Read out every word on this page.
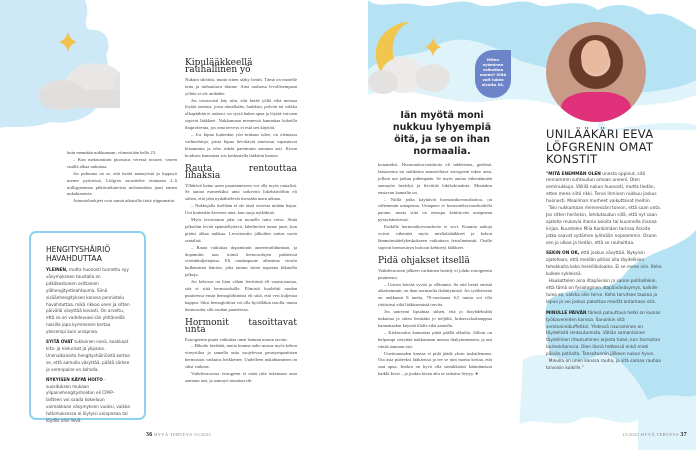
kuin mennään nukkumaan, viimeistään kello 23.

– Kun melatoniinin pitoisuus veressä nousee, varren sisällä alkaa nukuttaa.

Jos pulmana on se, että herää aamuyöstä ja loppuyö menee pyöriessä, Löfgren suosittelee ottamaan 2–6 milligrammaa pitkävaikutteista melatoniinia juuri ennen nukahtamista.

Annosteluohjeet ovat samat aikuisille iästä riippumatta.

HENGITYSHÄIRIÖ HAVAHDUTTAA
YLEINEN, mutta huonosti tunnettu syy väsymykseen taustalla on pitkäkestoinen osittainen ylähengitystieahtauma. Siinä sisäänhengityksen kanssa ponnistelu havahduttaa, mikä rikkoo unen ja sitten päivällä väsyttää kovasti. On arveltu, että se on vaihdevuosi-iän ylittäneillä naisilla jopa kymmenen kertaa yleisempi kuin uniapnea.
SYITÄ OVAT tukkoinen nenä, kookkaat kita- ja nielurisat ja ylipaino. Unenaikaisista hengityshäiriöistä kertoo se, että aamulla väsyttää, päätä särkee ja verenpaine on koholla.
NYKYISEN KÄYPÄ HOITO -suosituksen mukaan ylipainehengityshoidon eli CPAP-laitteen voi saada kokeiluun voimakkaan väsymyksen vuoksi, vaikka tutkimuksessa ei löytyisi uniapneaa tai löydös olisi lievä.
Kipulääkkeellä rauhallinen yö

Nukuin sikeästi, mutta sitten särky heräti. Tämä on monelle tuttu ja turhauttava tilanne. Aina rauhaisa levollisempaan yöhön ei ole unilääke.

Jos toistuvasti käy niin, että herää yöllä eikä meinaa löytää asentoa, jossa alaselkään, lonkkiin, polviin tai vaikka olkapäähän ei sattuisi, on syytä hakea apua ja löytää vaivaan sopivat lääkkeet. Nukkumaan mennessä kannattaa kokeilla ibuprofeenia, jos oma terveys ei estä sen käyttöä.

– Jos kipua kuitenkin yön mittaan tulee, on olemassa vaihtoehtoja, joista kipua lievittävät ainesosat vapautuvat hitaammin ja teho riittää paremmin aamuun asti. Kivun hoidosta kannattaa siis keskustella lääkärin kanssa.

Rauta rentouttaa lihaksia

Yllättävä keino unen parantamiseen voi olla myös rautalisä. Se auttaa esimerkiksi unta sotkeviin liikehäiriöihin eli siihen, että jalat nytkähtelevät itsestään unen aikana.

– Nukkujalla itsellään ei ole tästä oireesta mitään hajua. Uni kuitenkin kevenee aina, kun raaja nytkähtää.

Myös levottomat jalat on monelle tuttu vaiva. Siinä jalkoihin levitä epämiellyttävä, kihelmöivä tunne juuri, kun pitäisi alkaa nukkua. Levottomiin jalkoihin auttaa usein rautalisä.

– Rauta vaikuttaa dopamiinin aineenvaihduntaan, ja dopamiini taas toimii hermosolujen päätteissä viestinkuljettajana. Eli raudanpuute aiheuttaa viestin kulkemisen häiriön, joka tuntuu sitten tarpeena liikutella jalkoja.

Jos kehossa on liian vähän ferritiiniä eli varastorautaa, sitä ei riitä hermosoluille. Elimistö huolehtii raudan puutteessa ensin hemoglobiinista eli siitä, että veri kuljettaa happea. Siksi hemoglobiini voi olla hyvälläkin tasolla, mutta hermosolut silti raudan puutteessa.

Hormonit tasoittavat unta

Estrogeenin puute vaikuttaa unen laatuun monin tavoin.

– Hikoilu herättää, mutta kuuma aalto nostaa myös kehon vireystilaa ja samalla unta suojelevan parasympaattisen hermoston vaikutus heikkenee. Uudelleen nukahtaminen on siksi vaikeaa.

Vaihdevuosissa estrogeeni ei enää riitä tukemaan unta aamuun asti, ja aamuyö muuttuu rik-

36 HYVÄ TERVEYS 15/2023
Miten syöminen vaikuttaa uneen? Siitä voit lukea sivulta 54.
Iän myötä moni nukkuu lyhyempiä öitä, ja se on ihan normaalia.

konaiseksi. Hormonikorvaushoito eli tabletteina, geelenä, laastareina tai suihkeina annosteltava estrogeeni tukee unta, jolloin uni jatkuu pidempään. Se myös auttaa vähentämään aamuyön heräilyä ja lievittää hikikohtauksia. Muutakin ensiavun kannalta on.

– Niillä jotka käyttävät hormonikorvaushoitoa, on vähemmän uniapneaa. Uniapnea ei hormonikorvaushoidolla parane, mutta siitä on ensiapu kehittyvän uniapnean pysäyttämisessä.

Kaikille hormonikorvaushoito ei sovi. Kuumia aaltoja voivat vähentää myös mielialalääkkeet ja kehon lämmönsäätelykeskukseen vaikuttava fetsolinetantti. Osalle sopivat hermosäryn hoitoon kehitetyt lääkkeet.

Pidä ohjakset itsellä

Vaihdevuosien jälkeen varhainen heräily ei johdu estrogeenin puutteesta.

– Unesta häviää syvää ja vilkeunta. Se että herää entistä aikaisemmin, on ihan normaalia ikääntymistä. Jos työikäisenä on nukkunut 8 tuntia, 70-vuotiaana 6,5 tuntia voi olla riittävästi eikä lääkitsemistä tarvita.

Jos unirytmi lipsahtaa siihen, että jo iltayhdeksältä nukuttaa ja sitten herätään jo neljältä, kirkasvaloalamppua kannattaakin käyttää illalla eikä aamulla.

– Kirkasvaloa kannattaa pitää päällä alkuilta. Silloin on helpompi venyttää nukkumaan menoa iltakymmeneen, ja uni riittää aamuun asti.

Unettomuuden kanssa ei pidä jäädä yksin tuskailemaan. Ota asia puheeksi lääkärissä ja tee se niin monta kertaa, että saat apua. Itsekin on hyvä olla sinnikkäästi kääntämässä kaikki kivet – ja jonkin kiven alta se ratkaisu löytyy. ●

UNILÄÄKÄRI EEVA LÖFGRENIN OMAT KONSTIT

"MITÄ ENEMMÄN OLEN unesta oppinut, sitä rennommin suhtaudun omaan uneeni. Olen seminukkuja. Välillä nukun huonosti, mutta tiedän, etten mene siitä rikki. Terve ihminen nukkuu joskus huonosti. Maailman murheet vaikuttavat meihin.
Toki nukkumaan mennessäni toivon, että saan unta. Jos sitten heränkin, lohdutaudun sillä, että nyt saan ajatella mukavia ihania asioita tai kuunnella ihanaa kirjaa. Kuuntelen Miia Kankimäen tarinaa Asioita jotka saavat sydämen lyömään nopeammin. Osaan sen jo ulkoa ja tiedän, että se rauhoittaa.

SEKIN ON OK, että joskus väsyttää. Nykyisin ajatellaan, että meidän pitäisi olla täydellisen tehokkaita koko hereilläoloaika. Ei se mene niin. Keho kulkee sykleissä.
Haukottelen aina iltapäivisin ja sanon potilaillekin, että tämä on fysiologinen iltapäivänäsymys, kaikille tulee se, vaikka olisi terve. Keho tarvitsee taukoa ja lepoa ja voi joskus pakottaa meidät antamaan sitä.

MINULLE PÄIVÄN tärkeä palauttava hetki on lounas työkavereiden kanssa. Sanonkin sitä serotoniinibuffetiksi. Yhdessä nauraminen on täydellistä rentoutumista. Vähän samanlainen täydellinen irtautuminen arjesta tulee, kun harrastan burleskitanssia. Olen läsnä hetkessä enkä mieti päivän potilaita. Tanssitunnin jälkeen nukun hyvin.
Minulla on unen kanssa rauha, ja sitä samaa rauhaa toivoisin kaikille."

15/2023 HYVÄ TERVEYS 37
